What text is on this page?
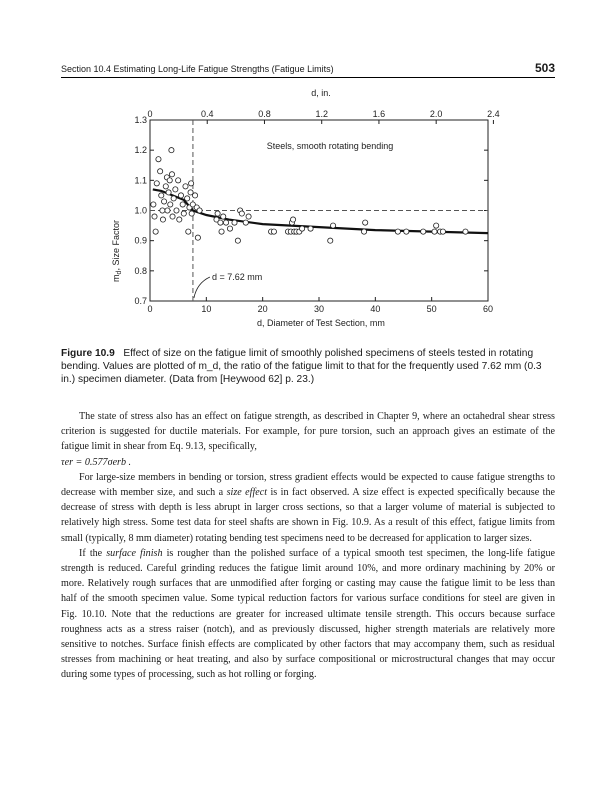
Section 10.4 Estimating Long-Life Fatigue Strengths (Fatigue Limits)	503
0	10	20	30	40	50	60
0	0.4	0.8	1.2	1.6	2.0	2.4
0.7
0.8
0.9
1.0
1.1
1.2
1.3
d, in.
d, Diameter of Test Section, mm
$m_d$, Size Factor
Steels, smooth rotating bending
d = 7.62 mm
Figure 10.9 Effect of size on the fatigue limit of smoothly polished specimens of steels tested in rotating bending. Values are plotted of m_d, the ratio of the fatigue limit to that for the frequently used 7.62 mm (0.3 in.) specimen diameter. (Data from [Heywood 62] p. 23.)

The state of stress also has an effect on fatigue strength, as described in Chapter 9, where an octahedral shear stress criterion is suggested for ductile materials. For example, for pure torsion, such an approach gives an estimate of the fatigue limit in shear from Eq. 9.13, specifically,
τer = 0.577σerb .

For large-size members in bending or torsion, stress gradient effects would be expected to cause fatigue strengths to decrease with member size, and such a size effect is in fact observed. A size effect is expected specifically because the decrease of stress with depth is less abrupt in larger cross sections, so that a larger volume of material is subjected to relatively high stress. Some test data for steel shafts are shown in Fig. 10.9. As a result of this effect, fatigue limits from small (typically, 8 mm diameter) rotating bending test specimens need to be decreased for application to larger sizes.

If the surface finish is rougher than the polished surface of a typical smooth test specimen, the long-life fatigue strength is reduced. Careful grinding reduces the fatigue limit around 10%, and more ordinary machining by 20% or more. Relatively rough surfaces that are unmodified after forging or casting may cause the fatigue limit to be less than half of the smooth specimen value. Some typical reduction factors for various surface conditions for steel are given in Fig. 10.10. Note that the reductions are greater for increased ultimate tensile strength. This occurs because surface roughness acts as a stress raiser (notch), and as previously discussed, higher strength materials are relatively more sensitive to notches. Surface finish effects are complicated by other factors that may accompany them, such as residual stresses from machining or heat treating, and also by surface compositional or microstructural changes that may occur during some types of processing, such as hot rolling or forging.
